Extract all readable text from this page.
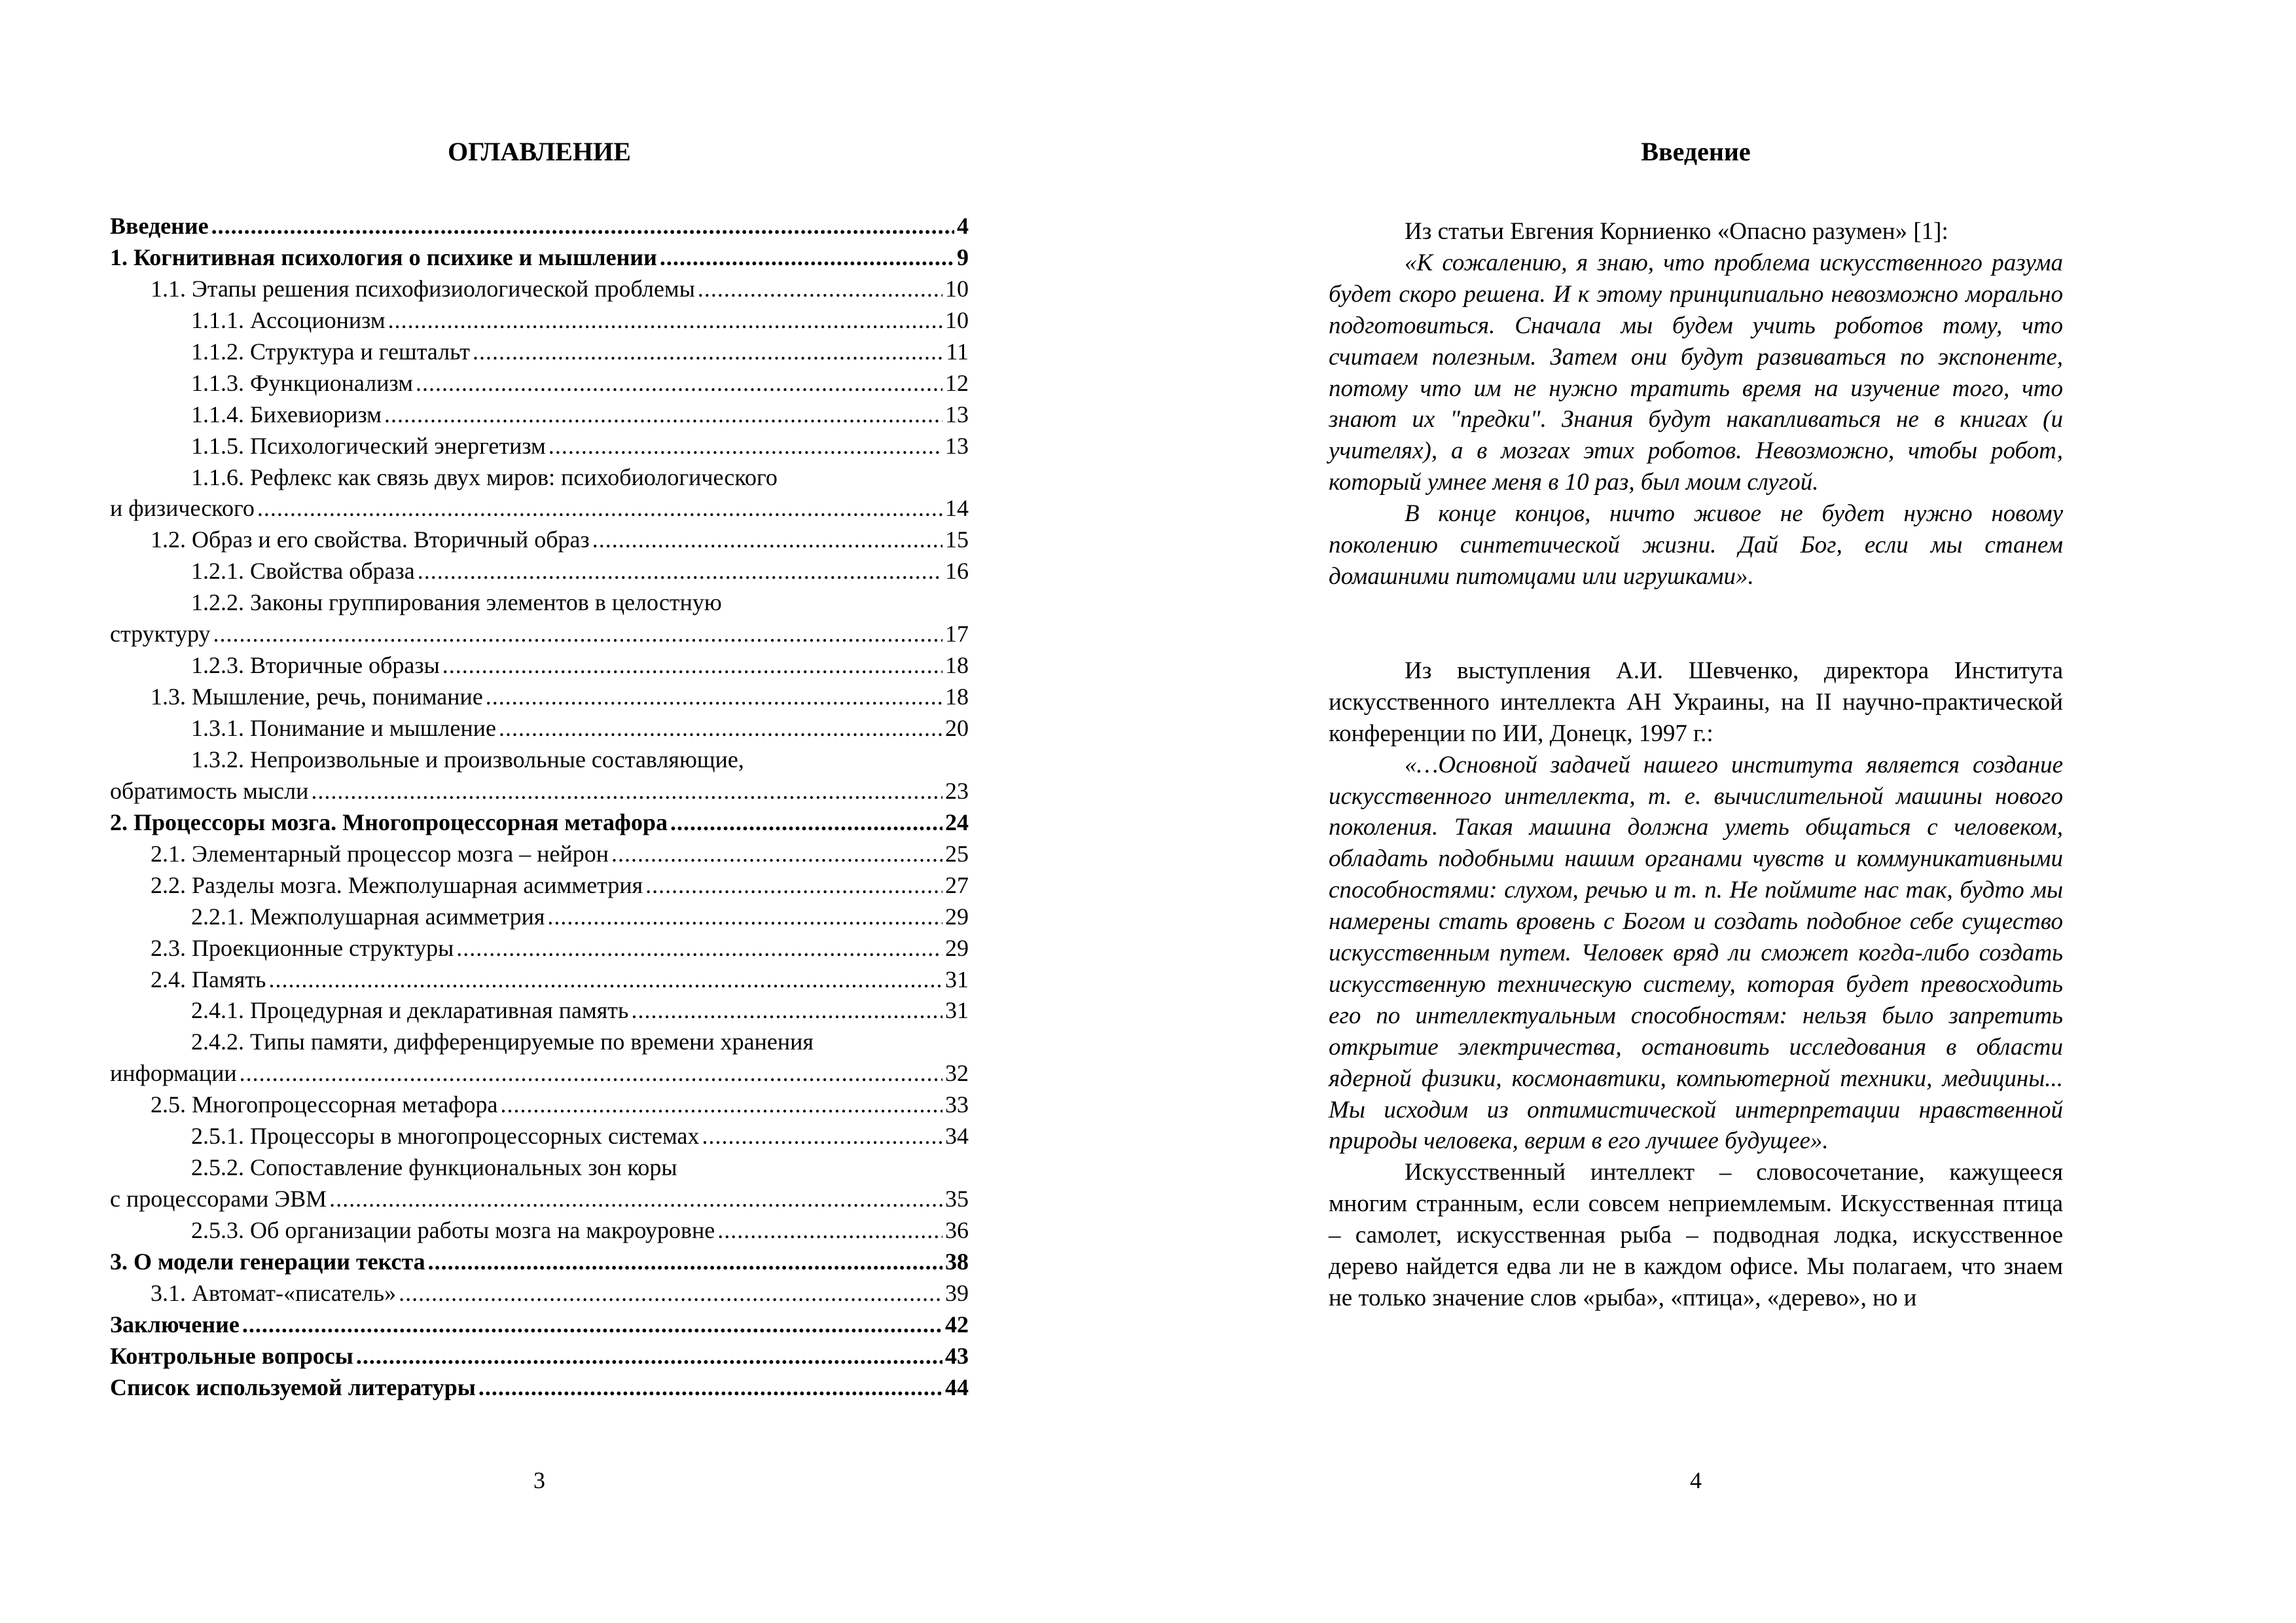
ОГЛАВЛЕНИЕ
Введение . . .	4
1. Когнитивная психология о психике и мышлении . . .	9
1.1. Этапы решения психофизиологической проблемы . . .	10
1.1.1. Ассоционизм . . .	10
1.1.2. Структура и гештальт . . .	11
1.1.3. Функционализм . . .	12
1.1.4. Бихевиоризм . . .	13
1.1.5. Психологический энергетизм . . .	13
1.1.6. Рефлекс как связь двух миров: психобиологического
и физического . . .	14
1.2. Образ и его свойства. Вторичный образ . . .	15
1.2.1. Свойства образа . . .	16
1.2.2. Законы группирования элементов в целостную
структуру . . .	17
1.2.3. Вторичные образы . . .	18
1.3. Мышление, речь, понимание . . .	18
1.3.1. Понимание и мышление . . .	20
1.3.2. Непроизвольные и произвольные составляющие,
обратимость мысли . . .	23
2. Процессоры мозга. Многопроцессорная метафора . . .	24
2.1. Элементарный процессор мозга – нейрон . . .	25
2.2. Разделы мозга. Межполушарная асимметрия . . .	27
2.2.1. Межполушарная асимметрия . . .	29
2.3. Проекционные структуры . . .	29
2.4. Память . . .	31
2.4.1. Процедурная и декларативная память . . .	31
2.4.2. Типы памяти, дифференцируемые по времени хранения
информации . . .	32
2.5. Многопроцессорная метафора . . .	33
2.5.1. Процессоры в многопроцессорных системах . . .	34
2.5.2. Сопоставление функциональных зон коры
с процессорами ЭВМ . . .	35
2.5.3. Об организации работы мозга на макроуровне . . .	36
3. О модели генерации текста . . .	38
3.1. Автомат-«писатель» . . .	39
Заключение . . .	42
Контрольные вопросы . . .	43
Список используемой литературы . . .	44
3
Введение

Из статьи Евгения Корниенко «Опасно разумен» [1]:

«К сожалению, я знаю, что проблема искусственного разума будет скоро решена. И к этому принципиально невозможно морально подготовиться. Сначала мы будем учить роботов тому, что считаем полезным. Затем они будут развиваться по экспоненте, потому что им не нужно тратить время на изучение того, что знают их "предки". Знания будут накапливаться не в книгах (и учителях), а в мозгах этих роботов. Невозможно, чтобы робот, который умнее меня в 10 раз, был моим слугой.

В конце концов, ничто живое не будет нужно новому поколению синтетической жизни. Дай Бог, если мы станем домашними питомцами или игрушками».

Из выступления А.И. Шевченко, директора Института искусственного интеллекта АН Украины, на II научно-практической конференции по ИИ, Донецк, 1997 г.:

«…Основной задачей нашего института является создание искусственного интеллекта, т. е. вычислительной машины нового поколения. Такая машина должна уметь общаться с человеком, обладать подобными нашим органами чувств и коммуникативными способностями: слухом, речью и т. п. Не поймите нас так, будто мы намерены стать вровень с Богом и создать подобное себе существо искусственным путем. Человек вряд ли сможет когда-либо создать искусственную техническую систему, которая будет превосходить его по интеллектуальным способностям: нельзя было запретить открытие электричества, остановить исследования в области ядерной физики, космонавтики, компьютерной техники, медицины... Мы исходим из оптимистической интерпретации нравственной природы человека, верим в его лучшее будущее».

Искусственный интеллект – словосочетание, кажущееся многим странным, если совсем неприемлемым. Искусственная птица – самолет, искусственная рыба – подводная лодка, искусственное дерево найдется едва ли не в каждом офисе. Мы полагаем, что знаем не только значение слов «рыба», «птица», «дерево», но и

4
